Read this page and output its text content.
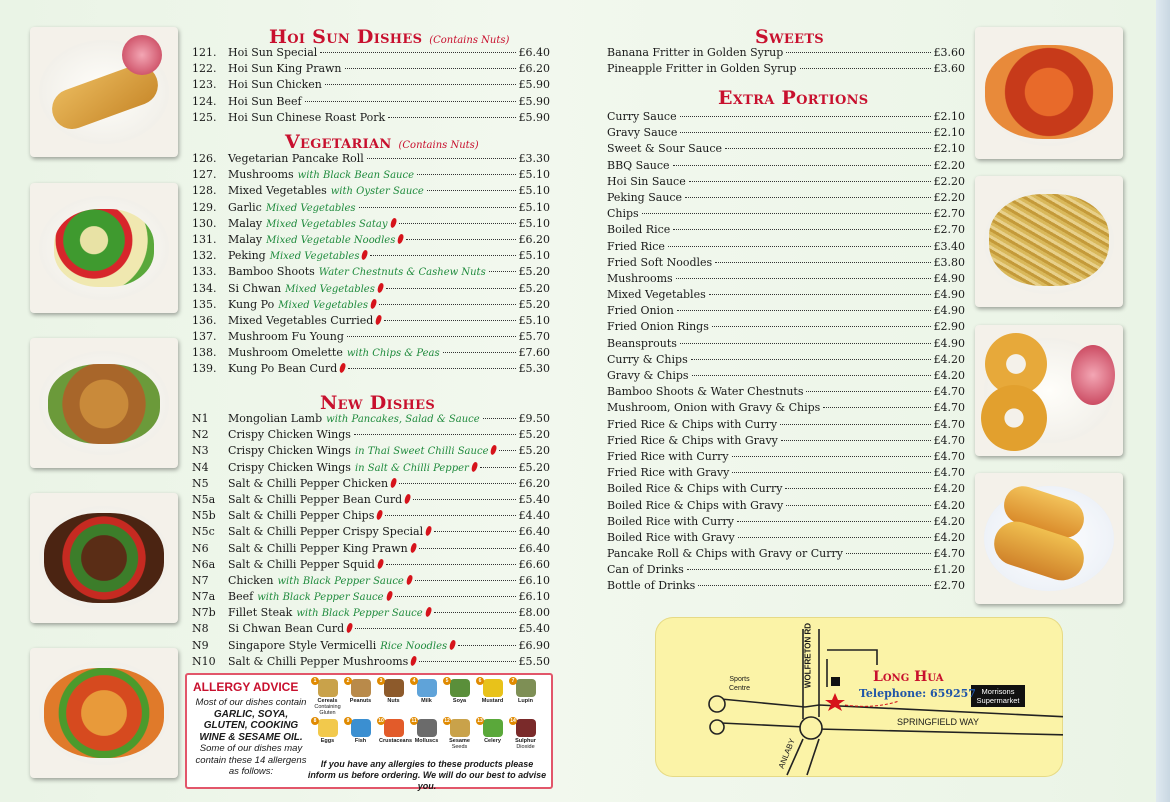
Hoi Sun Dishes (Contains Nuts)
121.	Hoi Sun Special	£6.40
122.	Hoi Sun King Prawn	£6.20
123.	Hoi Sun Chicken	£5.90
124.	Hoi Sun Beef	£5.90
125.	Hoi Sun Chinese Roast Pork	£5.90
Vegetarian (Contains Nuts)
126.	Vegetarian Pancake Roll	£3.30
127.	Mushrooms with Black Bean Sauce	£5.10
128.	Mixed Vegetables with Oyster Sauce	£5.10
129.	Garlic Mixed Vegetables	£5.10
130.	Malay Mixed Vegetables Satay	£5.10
131.	Malay Mixed Vegetable Noodles	£6.20
132.	Peking Mixed Vegetables	£5.10
133.	Bamboo Shoots Water Chestnuts & Cashew Nuts	£5.20
134.	Si Chwan Mixed Vegetables	£5.20
135.	Kung Po Mixed Vegetables	£5.20
136.	Mixed Vegetables Curried	£5.10
137.	Mushroom Fu Young	£5.70
138.	Mushroom Omelette with Chips & Peas	£7.60
139.	Kung Po Bean Curd	£5.30
New Dishes
N1	Mongolian Lamb with Pancakes, Salad & Sauce	£9.50
N2	Crispy Chicken Wings	£5.20
N3	Crispy Chicken Wings in Thai Sweet Chilli Sauce	£5.20
N4	Crispy Chicken Wings in Salt & Chilli Pepper	£5.20
N5	Salt & Chilli Pepper Chicken	£6.20
N5a	Salt & Chilli Pepper Bean Curd	£5.40
N5b	Salt & Chilli Pepper Chips	£4.40
N5c	Salt & Chilli Pepper Crispy Special	£6.40
N6	Salt & Chilli Pepper King Prawn	£6.40
N6a	Salt & Chilli Pepper Squid	£6.60
N7	Chicken with Black Pepper Sauce	£6.10
N7a	Beef with Black Pepper Sauce	£6.10
N7b	Fillet Steak with Black Pepper Sauce	£8.00
N8	Si Chwan Bean Curd	£5.40
N9	Singapore Style Vermicelli Rice Noodles	£6.90
N10	Salt & Chilli Pepper Mushrooms	£5.50
Sweets
Banana Fritter in Golden Syrup	£3.60
Pineapple Fritter in Golden Syrup	£3.60
Extra Portions
Curry Sauce	£2.10
Gravy Sauce	£2.10
Sweet & Sour Sauce	£2.10
BBQ Sauce	£2.20
Hoi Sin Sauce	£2.20
Peking Sauce	£2.20
Chips	£2.70
Boiled Rice	£2.70
Fried Rice	£3.40
Fried Soft Noodles	£3.80
Mushrooms	£4.90
Mixed Vegetables	£4.90
Fried Onion	£4.90
Fried Onion Rings	£2.90
Beansprouts	£4.90
Curry & Chips	£4.20
Gravy & Chips	£4.20
Bamboo Shoots & Water Chestnuts	£4.70
Mushroom, Onion with Gravy & Chips	£4.70
Fried Rice & Chips with Curry	£4.70
Fried Rice & Chips with Gravy	£4.70
Fried Rice with Curry	£4.70
Fried Rice with Gravy	£4.70
Boiled Rice & Chips with Curry	£4.20
Boiled Rice & Chips with Gravy	£4.20
Boiled Rice with Curry	£4.20
Boiled Rice with Gravy	£4.20
Pancake Roll & Chips with Gravy or Curry	£4.70
Can of Drinks	£1.20
Bottle of Drinks	£2.70
ALLERGY ADVICE
Most of our dishes contain
GARLIC, SOYA, GLUTEN, COOKING WINE & SESAME OIL.
Some of our dishes may contain these 14 allergens as follows:
1
Cereals
Containing Gluten
2
Peanuts
3
Nuts
4
Milk
5
Soya
6
Mustard
7
Lupin
8
Eggs
9
Fish
10
Crustaceans
11
Molluscs
12
Sesame
Seeds
13
Celery
14
Sulphur
Dioxide
If you have any allergies to these products please inform us before ordering. We will do our best to advise you.
Sports
Centre
WOLFRETON RD
SPRINGFIELD WAY
ANLABY
Long Hua
Telephone: 659257 Morrisons
Supermarket
